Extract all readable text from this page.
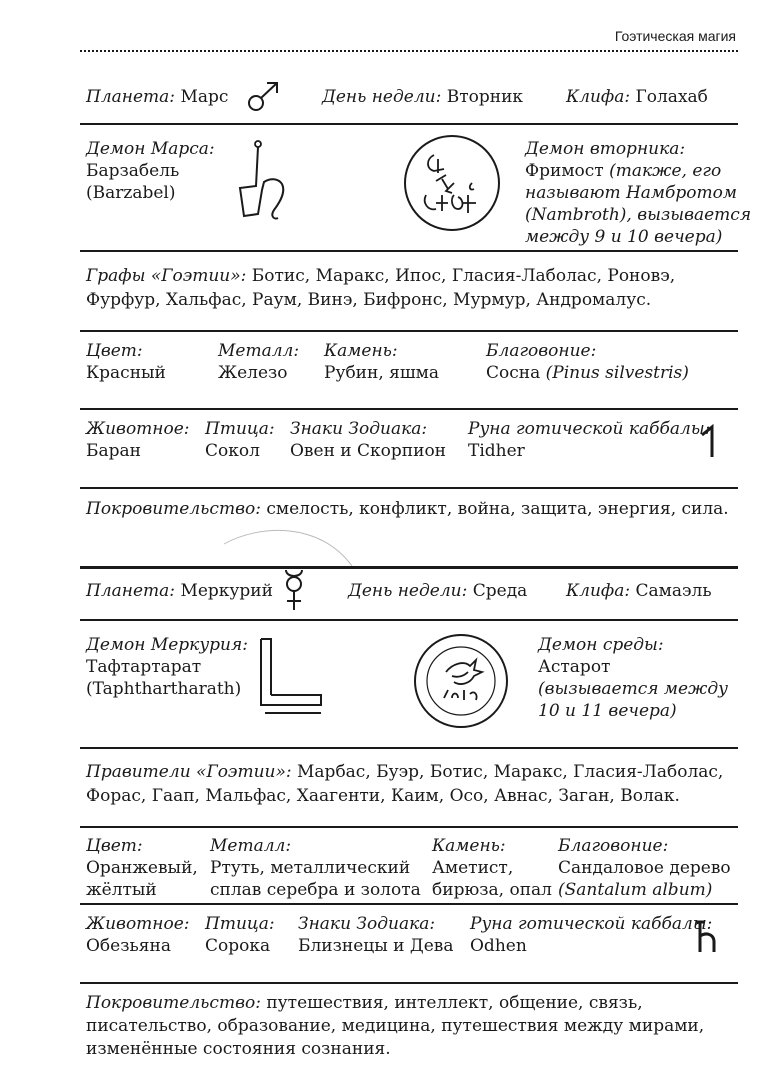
Гоэтическая магия
Планета: Марс	День недели: Вторник	Клифа: Голахаб
Демон Марса:
Барзабель
(Barzabel)
Демон вторника:
Фримост (также, его
называют Намбротом
(Nambroth), вызывается
между 9 и 10 вечера)
Графы «Гоэтии»: Ботис, Маракс, Ипос, Гласия-Лаболас, Роновэ,
Фурфур, Хальфас, Раум, Винэ, Бифронс, Мурмур, Андромалус.
Цвет:
Красный
Металл:
Железо
Камень:
Рубин, яшма
Благовоние:
Сосна (Pinus silvestris)
Животное:
Баран
Птица:
Сокол
Знаки Зодиака:
Овен и Скорпион
Руна готической каббалы:
Tidher
Покровительство: смелость, конфликт, война, защита, энергия, сила.
Планета: Меркурий	День недели: Среда Клифа: Самаэль
Демон Меркурия:
Тафтартарат
(Taphthartharath)
Демон среды:
Астарот
(вызывается между
10 и 11 вечера)
Правители «Гоэтии»: Марбас, Буэр, Ботис, Маракс, Гласия-Лаболас,
Форас, Гаап, Мальфас, Хаагенти, Каим, Осо, Авнас, Заган, Волак.
Цвет:
Оранжевый,
жёлтый
Металл:
Ртуть, металлический
сплав серебра и золота
Камень:
Аметист,
бирюза, опал
Благовоние:
Сандаловое дерево
(Santalum album)
Животное:
Обезьяна
Птица:
Сорока
Знаки Зодиака:
Близнецы и Дева
Руна готической каббалы:
Odhen
Покровительство: путешествия, интеллект, общение, связь,
писательство, образование, медицина, путешествия между мирами,
изменённые состояния сознания.
